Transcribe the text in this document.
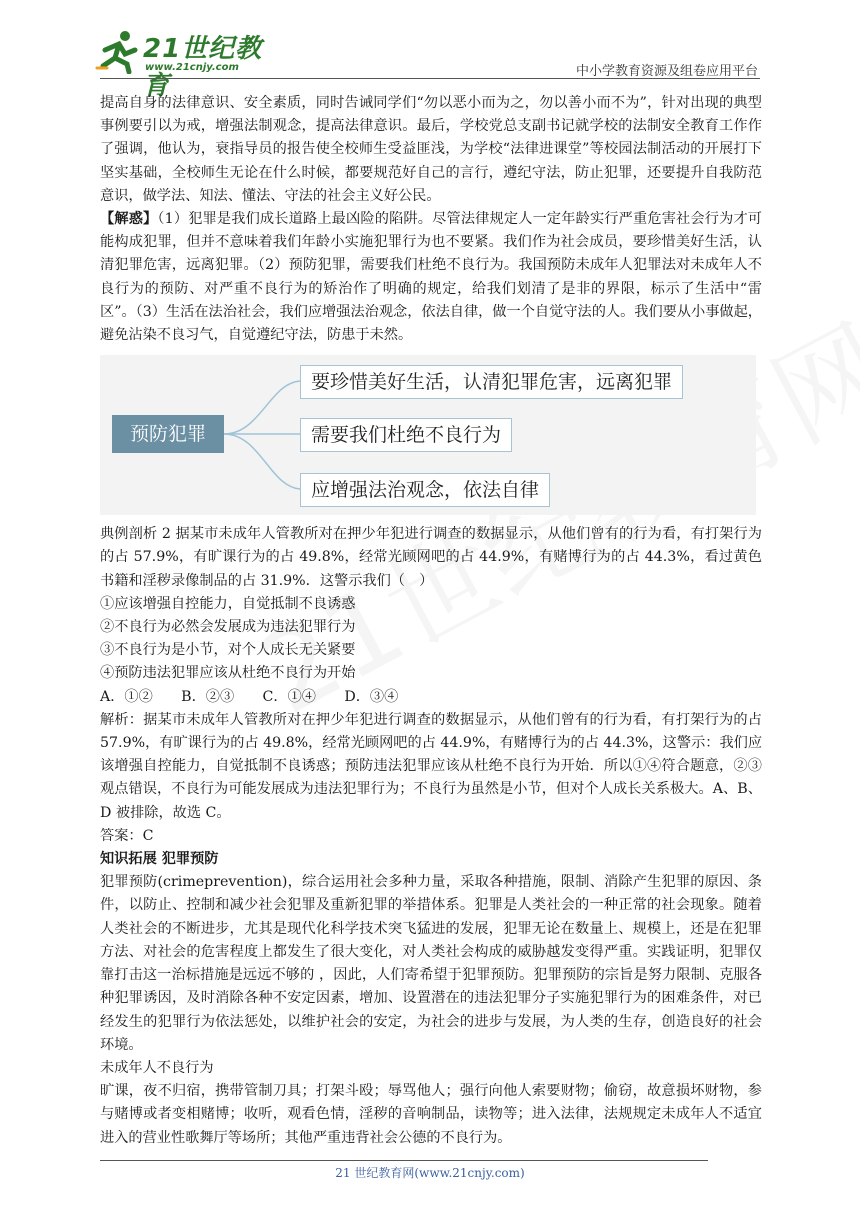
21世纪教育
www.21cnjy.com	中小学教育资源及组卷应用平台

提高自身的法律意识、安全素质，同时告诫同学们“勿以恶小而为之，勿以善小而不为”，针对出现的典型事例要引以为戒，增强法制观念，提高法律意识。最后，学校党总支副书记就学校的法制安全教育工作作了强调，他认为，衰指导员的报告使全校师生受益匪浅，为学校“法律进课堂”等校园法制活动的开展打下坚实基础，全校师生无论在什么时候，都要规范好自己的言行，遵纪守法，防止犯罪，还要提升自我防范意识，做学法、知法、懂法、守法的社会主义好公民。

【解惑】（1）犯罪是我们成长道路上最凶险的陷阱。尽管法律规定人一定年龄实行严重危害社会行为才可能构成犯罪，但并不意味着我们年龄小实施犯罪行为也不要紧。我们作为社会成员，要珍惜美好生活，认清犯罪危害，远离犯罪。（2）预防犯罪，需要我们杜绝不良行为。我国预防未成年人犯罪法对未成年人不良行为的预防、对严重不良行为的矫治作了明确的规定，给我们划清了是非的界限，标示了生活中“雷区”。（3）生活在法治社会，我们应增强法治观念，依法自律，做一个自觉守法的人。我们要从小事做起，避免沾染不良习气，自觉遵纪守法，防患于未然。

预防犯罪
要珍惜美好生活，认清犯罪危害，远离犯罪
需要我们杜绝不良行为
应增强法治观念，依法自律

典例剖析 2 据某市未成年人管教所对在押少年犯进行调查的数据显示，从他们曾有的行为看，有打架行为的占 57.9%，有旷课行为的占 49.8%，经常光顾网吧的占 44.9%，有赌博行为的占 44.3%，看过黄色书籍和淫秽录像制品的占 31.9%．这警示我们（　）

①应该增强自控能力，自觉抵制不良诱惑

②不良行为必然会发展成为违法犯罪行为

③不良行为是小节，对个人成长无关紧要

④预防违法犯罪应该从杜绝不良行为开始

A．①②　　B．②③　　C．①④　　D．③④

解析：据某市未成年人管教所对在押少年犯进行调查的数据显示，从他们曾有的行为看，有打架行为的占 57.9%，有旷课行为的占 49.8%，经常光顾网吧的占 44.9%，有赌博行为的占 44.3%，这警示：我们应该增强自控能力，自觉抵制不良诱惑；预防违法犯罪应该从杜绝不良行为开始．所以①④符合题意，②③观点错误，不良行为可能发展成为违法犯罪行为；不良行为虽然是小节，但对个人成长关系极大。A、B、D 被排除，故选 C。

答案：C

知识拓展 犯罪预防

犯罪预防(crimeprevention)，综合运用社会多种力量，采取各种措施，限制、消除产生犯罪的原因、条件，以防止、控制和减少社会犯罪及重新犯罪的举措体系。犯罪是人类社会的一种正常的社会现象。随着人类社会的不断进步，尤其是现代化科学技术突飞猛进的发展，犯罪无论在数量上、规模上，还是在犯罪方法、对社会的危害程度上都发生了很大变化，对人类社会构成的威胁越发变得严重。实践证明，犯罪仅靠打击这一治标措施是远远不够的 ，因此，人们寄希望于犯罪预防。犯罪预防的宗旨是努力限制、克服各种犯罪诱因，及时消除各种不安定因素，增加、设置潜在的违法犯罪分子实施犯罪行为的困难条件，对已经发生的犯罪行为依法惩处，以维护社会的安定，为社会的进步与发展，为人类的生存，创造良好的社会环境。

未成年人不良行为

旷课，夜不归宿，携带管制刀具；打架斗殴；辱骂他人；强行向他人索要财物；偷窃，故意损坏财物，参与赌博或者变相赌博；收听，观看色情，淫秽的音响制品，读物等；进入法律，法规规定未成年人不适宜进入的营业性歌舞厅等场所；其他严重违背社会公德的不良行为。

21 世纪教育网(www.21cnjy.com)
